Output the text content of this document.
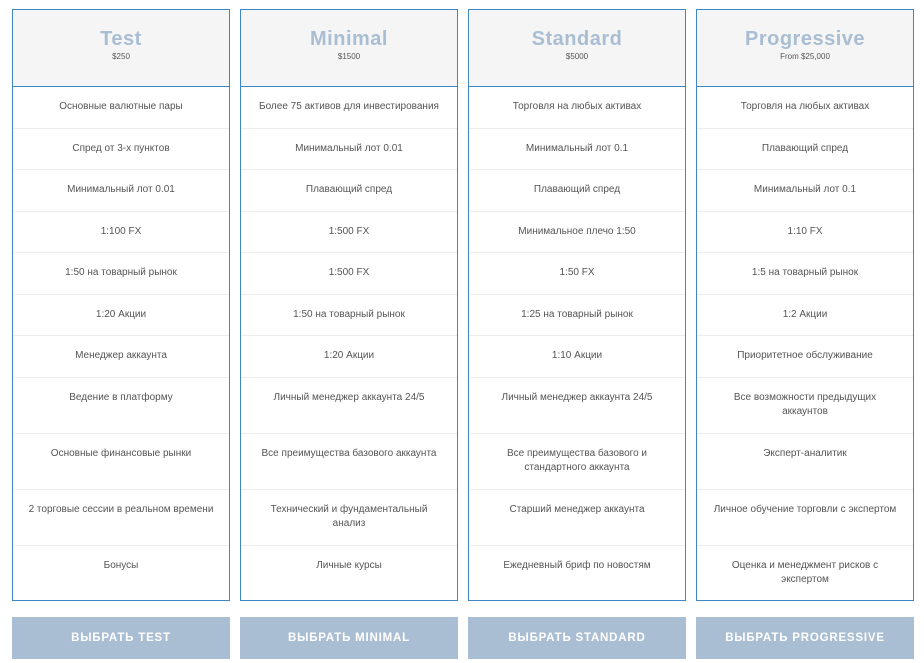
Test
$250
Основные валютные пары
Спред от 3-х пунктов
Минимальный лот 0.01
1:100 FX
1:50 на товарный рынок
1:20 Акции
Менеджер аккаунта
Ведение в платформу
Основные финансовые рынки
2 торговые сессии в реальном времени
Бонусы
ВЫБРАТЬ TEST
Minimal
$1500
Более 75 активов для инвестирования
Минимальный лот 0.01
Плавающий спред
1:500 FX
1:500 FX
1:50 на товарный рынок
1:20 Акции
Личный менеджер аккаунта 24/5
Все преимущества базового аккаунта
Технический и фундаментальный анализ
Личные курсы
ВЫБРАТЬ MINIMAL
Standard
$5000
Торговля на любых активах
Минимальный лот 0.1
Плавающий спред
Минимальное плечо 1:50
1:50 FX
1:25 на товарный рынок
1:10 Акции
Личный менеджер аккаунта 24/5
Все преимущества базового и стандартного аккаунта
Старший менеджер аккаунта
Ежедневный бриф по новостям
ВЫБРАТЬ STANDARD
Progressive
From $25,000
Торговля на любых активах
Плавающий спред
Минимальный лот 0.1
1:10 FX
1:5 на товарный рынок
1:2 Акции
Приоритетное обслуживание
Все возможности предыдущих аккаунтов
Эксперт-аналитик
Личное обучение торговли с экспертом
Оценка и менеджмент рисков с экспертом
ВЫБРАТЬ PROGRESSIVE
